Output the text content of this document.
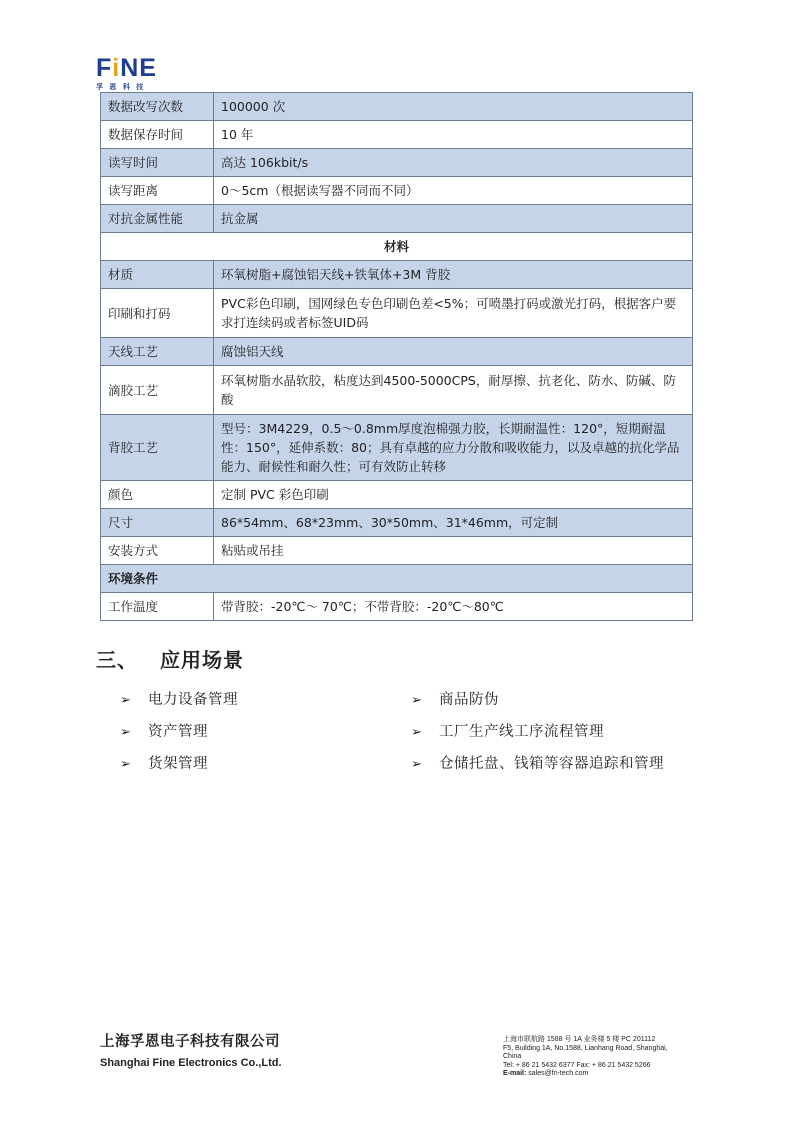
FiNE
孚 恩 科 技
数据改写次数	100000 次
数据保存时间	10 年
读写时间	高达 106kbit/s
读写距离	0～5cm（根据读写器不同而不同）
对抗金属性能	抗金属
材料	
材质	环氧树脂+腐蚀铝天线+铁氧体+3M 背胶
印刷和打码	PVC彩色印刷，国网绿色专色印刷色差<5%；可喷墨打码或激光打码，根据客户要求打连续码或者标签UID码
天线工艺	腐蚀铝天线
滴胶工艺	环氧树脂水晶软胶，粘度达到4500-5000CPS，耐厚擦、抗老化、防水、防碱、防酸
背胶工艺	型号：3M4229，0.5～0.8mm厚度泡棉强力胶，长期耐温性：120°，短期耐温性：150°，延伸系数：80；具有卓越的应力分散和吸收能力，以及卓越的抗化学品能力、耐候性和耐久性；可有效防止转移
颜色	定制 PVC 彩色印刷
尺寸	86*54mm、68*23mm、30*50mm、31*46mm，可定制
安装方式	粘贴或吊挂
环境条件	
工作温度	带背胶：-20℃～ 70℃；不带背胶：-20℃～80℃
三、 应用场景
➢ 电力设备管理
➢ 资产管理
➢ 货架管理
➢ 商品防伪
➢ 工厂生产线工序流程管理
➢ 仓储托盘、钱箱等容器追踪和管理
上海孚恩电子科技有限公司
Shanghai Fine Electronics Co.,Ltd.
上海市联航路 1588 号 1A 业务楼 5 楼 PC 201112
F5, Building 1A, No.1588, Lianhang Road, Shanghai,
China
Tel: + 86 21 5432 6377 Fax: + 86 21 5432 5266
E-mail: sales@fn-tech.com
